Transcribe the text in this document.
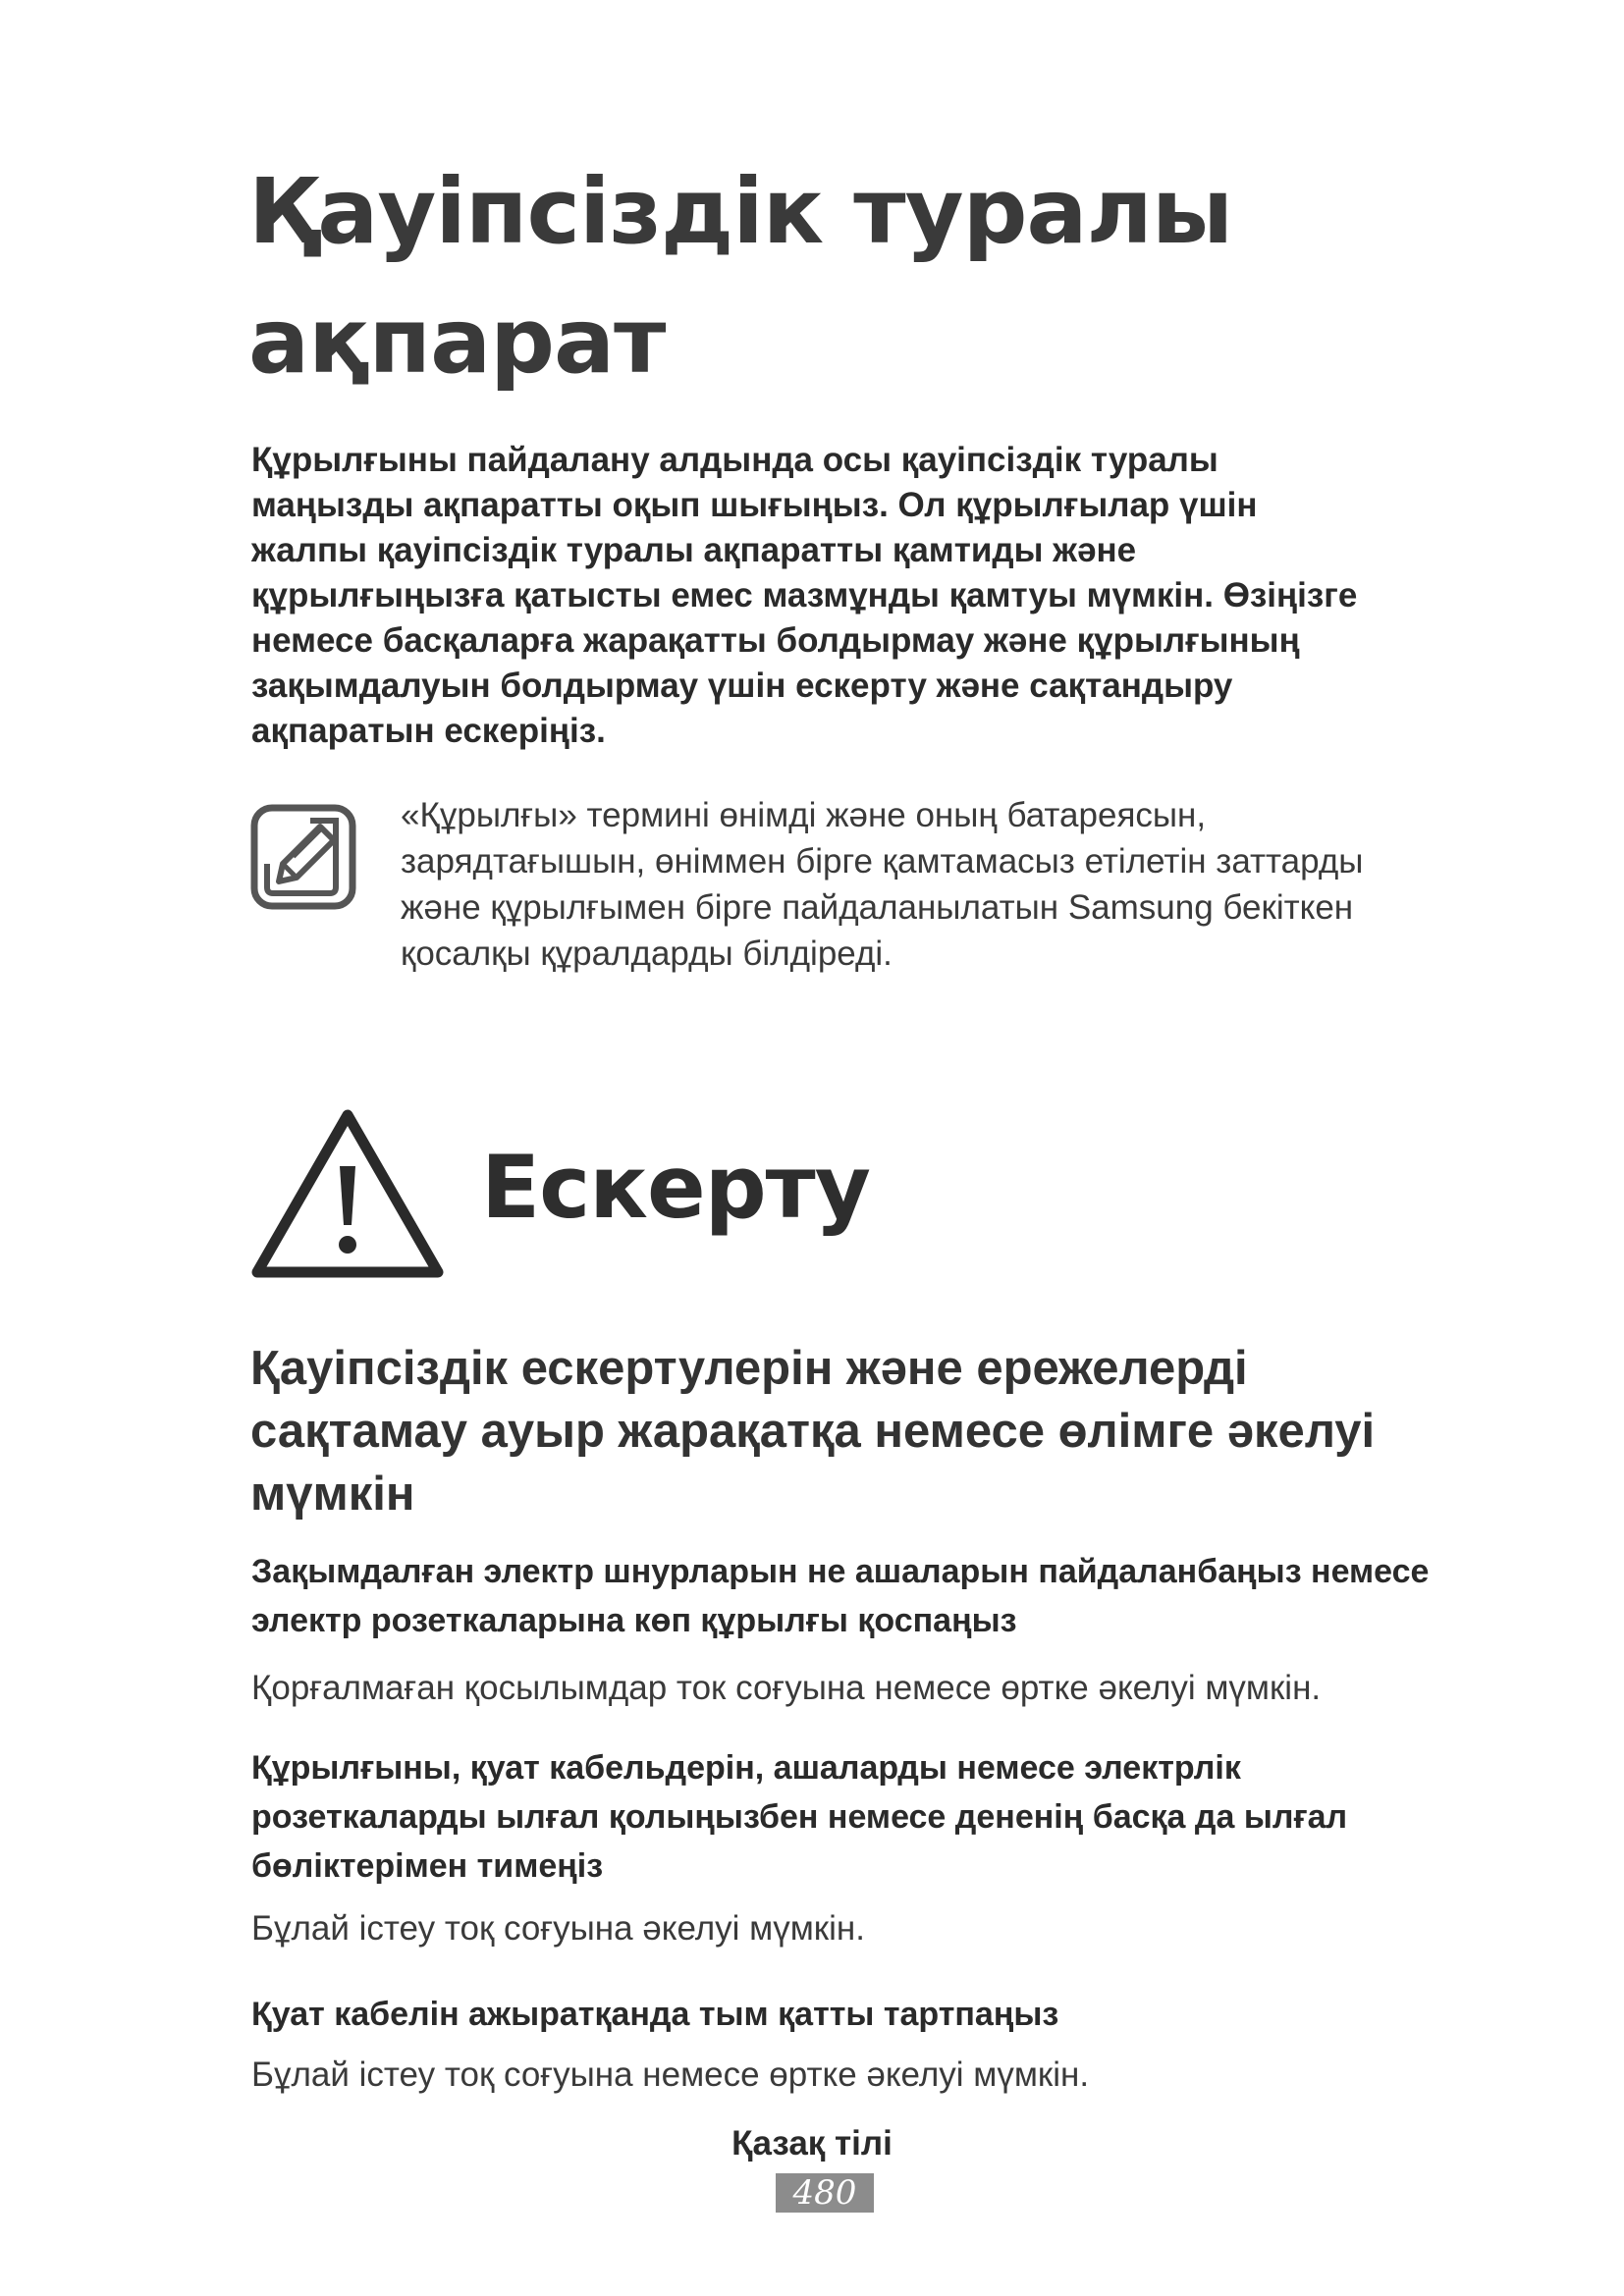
Қауіпсіздік туралы ақпарат

Құрылғыны пайдалану алдында осы қауіпсіздік туралы маңызды ақпаратты оқып шығыңыз. Ол құрылғылар үшін жалпы қауіпсіздік туралы ақпаратты қамтиды және құрылғыңызға қатысты емес мазмұнды қамтуы мүмкін. Өзіңізге немесе басқаларға жарақатты болдырмау және құрылғының зақымдалуын болдырмау үшін ескерту және сақтандыру ақпаратын ескеріңіз.

«Құрылғы» термині өнімді және оның батареясын, зарядтағышын, өніммен бірге қамтамасыз етілетін заттарды және құрылғымен бірге пайдаланылатын Samsung бекіткен қосалқы құралдарды білдіреді.

Ескерту
Қауіпсіздік ескертулерін және ережелерді сақтамау ауыр жарақатқа немесе өлімге әкелуі мүмкін

Зақымдалған электр шнурларын не ашаларын пайдаланбаңыз немесе электр розеткаларына көп құрылғы қоспаңыз

Қорғалмаған қосылымдар ток соғуына немесе өртке әкелуі мүмкін.

Құрылғыны, қуат кабельдерін, ашаларды немесе электрлік розеткаларды ылғал қолыңызбен немесе дененің басқа да ылғал бөліктерімен тимеңіз

Бұлай істеу тоқ соғуына әкелуі мүмкін.

Қуат кабелін ажыратқанда тым қатты тартпаңыз

Бұлай істеу тоқ соғуына немесе өртке әкелуі мүмкін.

Қазақ тілі

480
